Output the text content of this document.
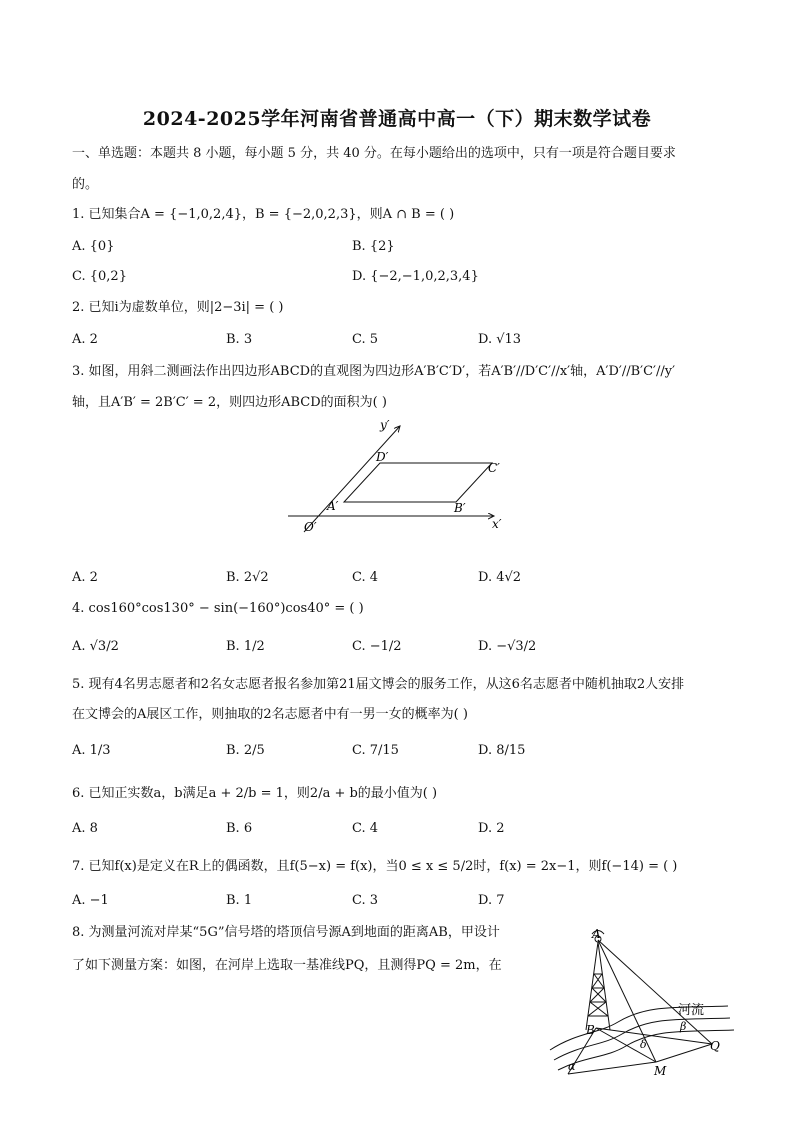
2024-2025学年河南省普通高中高一（下）期末数学试卷
一、单选题：本题共 8 小题，每小题 5 分，共 40 分。在每小题给出的选项中，只有一项是符合题目要求
的。
1. 已知集合A = {−1,0,2,4}，B = {−2,0,2,3}，则A ∩ B = ( )
A. {0}	B. {2}
C. {0,2}	D. {−2,−1,0,2,3,4}
2. 已知i为虚数单位，则|2−3i| = ( )
A. 2	B. 3	C. 5	D. √13
3. 如图，用斜二测画法作出四边形ABCD的直观图为四边形A′B′C′D′，若A′B′//D′C′//x′轴，A′D′//B′C′//y′
轴，且A′B′ = 2B′C′ = 2，则四边形ABCD的面积为( )
y′
x′
O′
A′	B′
C′
D′
A. 2	B. 2√2	C. 4	D. 4√2
4. cos160°cos130° − sin(−160°)cos40° = ( )
A. √3/2	B. 1/2	C. −1/2	D. −√3/2
5. 现有4名男志愿者和2名女志愿者报名参加第21届文博会的服务工作，从这6名志愿者中随机抽取2人安排
在文博会的A展区工作，则抽取的2名志愿者中有一男一女的概率为( )
A. 1/3	B. 2/5	C. 7/15	D. 8/15
6. 已知正实数a，b满足a + 2/b = 1，则2/a + b的最小值为( )
A. 8	B. 6	C. 4	D. 2
7. 已知f(x)是定义在R上的偶函数，且f(5−x) = f(x)，当0 ≤ x ≤ 5/2时，f(x) = 2x−1，则f(−14) = ( )
A. −1	B. 1	C. 3	D. 7
8. 为测量河流对岸某“5G”信号塔的塔顶信号源A到地面的距离AB，甲设计
了如下测量方案：如图，在河岸上选取一基准线PQ，且测得PQ = 2m，在
河流
A
B
Q
M
α
β
δ
